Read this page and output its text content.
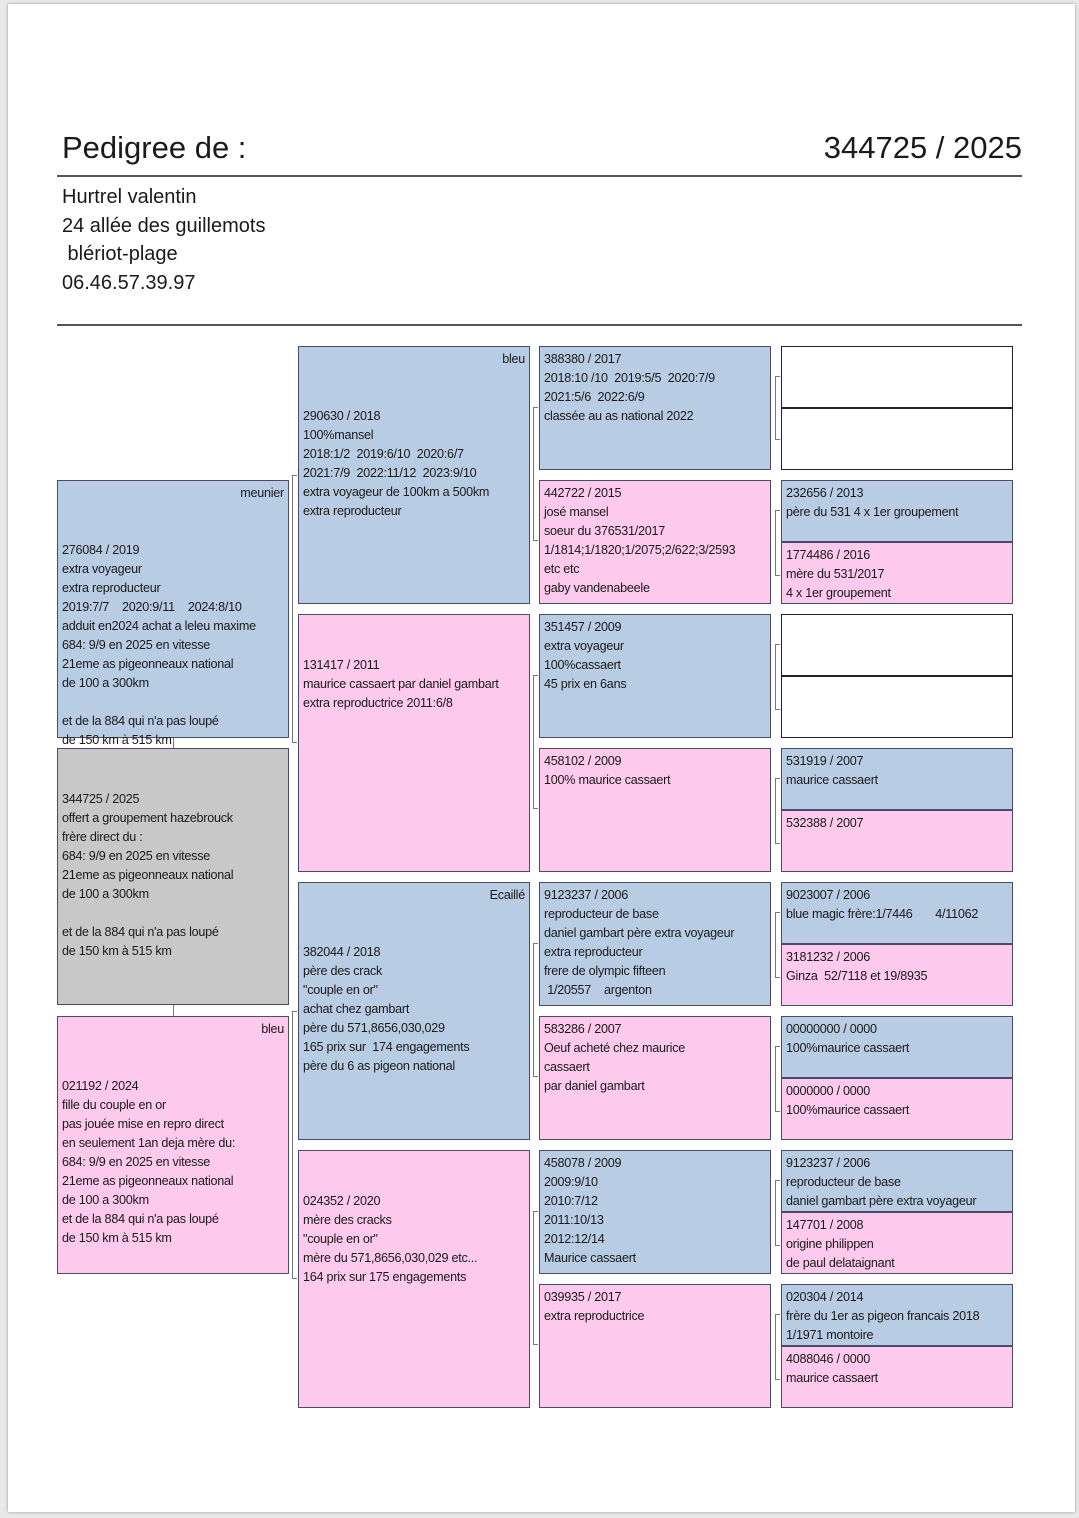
Pedigree de :	344725 / 2025
Hurtrel valentin
24 allée des guillemots
blériot-plage
06.46.57.39.97

meunier

276084 / 2019
extra voyageur
extra reproducteur
2019:7/7    2020:9/11    2024:8/10
adduit en2024 achat a leleu maxime
684: 9/9 en 2025 en vitesse
21eme as pigeonneaux national
de 100 a 300km
et de la 884 qui n'a pas loupé
de 150 km à 515 km

344725 / 2025
offert a groupement hazebrouck
frère direct du :
684: 9/9 en 2025 en vitesse
21eme as pigeonneaux national
de 100 a 300km
et de la 884 qui n'a pas loupé
de 150 km à 515 km

bleu

021192 / 2024
fille du couple en or
pas jouée mise en repro direct
en seulement 1an deja mère du:
684: 9/9 en 2025 en vitesse
21eme as pigeonneaux national
de 100 a 300km
et de la 884 qui n'a pas loupé
de 150 km à 515 km

bleu

290630 / 2018
100%mansel
2018:1/2  2019:6/10  2020:6/7
2021:7/9  2022:11/12  2023:9/10
extra voyageur de 100km a 500km
extra reproducteur

131417 / 2011
maurice cassaert par daniel gambart
extra reproductrice 2011:6/8

Ecaillé

382044 / 2018
père des crack
"couple en or"
achat chez gambart
père du 571,8656,030,029
165 prix sur  174 engagements
père du 6 as pigeon national

024352 / 2020
mère des cracks
"couple en or"
mère du 571,8656,030,029 etc...
164 prix sur 175 engagements

388380 / 2017
2018:10 /10  2019:5/5  2020:7/9
2021:5/6  2022:6/9
classée au as national 2022
442722 / 2015
josé mansel
soeur du 376531/2017
1/1814;1/1820;1/2075;2/622;3/2593
etc etc
gaby vandenabeele
351457 / 2009
extra voyageur
100%cassaert
45 prix en 6ans
458102 / 2009
100% maurice cassaert
9123237 / 2006
reproducteur de base
daniel gambart père extra voyageur
extra reproducteur
frere de olympic fifteen
1/20557    argenton
583286 / 2007
Oeuf acheté chez maurice
cassaert
par daniel gambart
458078 / 2009
2009:9/10
2010:7/12
2011:10/13
2012:12/14
Maurice cassaert
039935 / 2017
extra reproductrice
232656 / 2013
père du 531 4 x 1er groupement
1774486 / 2016
mère du 531/2017
4 x 1er groupement
531919 / 2007
maurice cassaert
532388 / 2007
9023007 / 2006
blue magic frère:1/7446       4/11062
3181232 / 2006
Ginza  52/7118 et 19/8935
00000000 / 0000
100%maurice cassaert
0000000 / 0000
100%maurice cassaert
9123237 / 2006
reproducteur de base
daniel gambart père extra voyageur
147701 / 2008
origine philippen
de paul delataignant
020304 / 2014
frère du 1er as pigeon francais 2018
1/1971 montoire
4088046 / 0000
maurice cassaert
